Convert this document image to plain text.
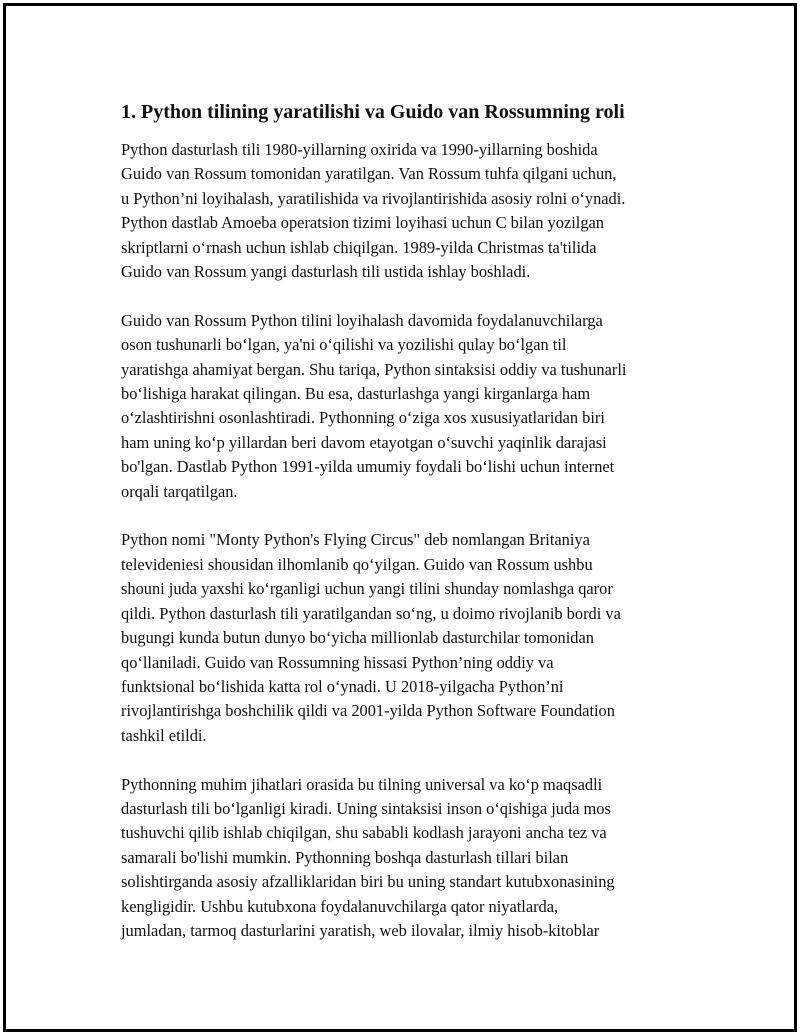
1. Python tilining yaratilishi va Guido van Rossumning roli
Python dasturlash tili 1980-yillarning oxirida va 1990-yillarning boshida
Guido van Rossum tomonidan yaratilgan. Van Rossum tuhfa qilgani uchun,
u Python’ni loyihalash, yaratilishida va rivojlantirishida asosiy rolni o‘ynadi.
Python dastlab Amoeba operatsion tizimi loyihasi uchun C bilan yozilgan
skriptlarni o‘rnash uchun ishlab chiqilgan. 1989-yilda Christmas ta'tilida
Guido van Rossum yangi dasturlash tili ustida ishlay boshladi.
Guido van Rossum Python tilini loyihalash davomida foydalanuvchilarga
oson tushunarli bo‘lgan, ya'ni o‘qilishi va yozilishi qulay bo‘lgan til
yaratishga ahamiyat bergan. Shu tariqa, Python sintaksisi oddiy va tushunarli
bo‘lishiga harakat qilingan. Bu esa, dasturlashga yangi kirganlarga ham
o‘zlashtirishni osonlashtiradi. Pythonning o‘ziga xos xususiyatlaridan biri
ham uning ko‘p yillardan beri davom etayotgan o‘suvchi yaqinlik darajasi
bo'lgan. Dastlab Python 1991-yilda umumiy foydali bo‘lishi uchun internet
orqali tarqatilgan.
Python nomi "Monty Python's Flying Circus" deb nomlangan Britaniya
televideniesi shousidan ilhomlanib qo‘yilgan. Guido van Rossum ushbu
shouni juda yaxshi ko‘rganligi uchun yangi tilini shunday nomlashga qaror
qildi. Python dasturlash tili yaratilgandan so‘ng, u doimo rivojlanib bordi va
bugungi kunda butun dunyo bo‘yicha millionlab dasturchilar tomonidan
qo‘llaniladi. Guido van Rossumning hissasi Python’ning oddiy va
funktsional bo‘lishida katta rol o‘ynadi. U 2018-yilgacha Python’ni
rivojlantirishga boshchilik qildi va 2001-yilda Python Software Foundation
tashkil etildi.
Pythonning muhim jihatlari orasida bu tilning universal va ko‘p maqsadli
dasturlash tili bo‘lganligi kiradi. Uning sintaksisi inson o‘qishiga juda mos
tushuvchi qilib ishlab chiqilgan, shu sababli kodlash jarayoni ancha tez va
samarali bo'lishi mumkin. Pythonning boshqa dasturlash tillari bilan
solishtirganda asosiy afzalliklaridan biri bu uning standart kutubxonasining
kengligidir. Ushbu kutubxona foydalanuvchilarga qator niyatlarda,
jumladan, tarmoq dasturlarini yaratish, web ilovalar, ilmiy hisob-kitoblar
